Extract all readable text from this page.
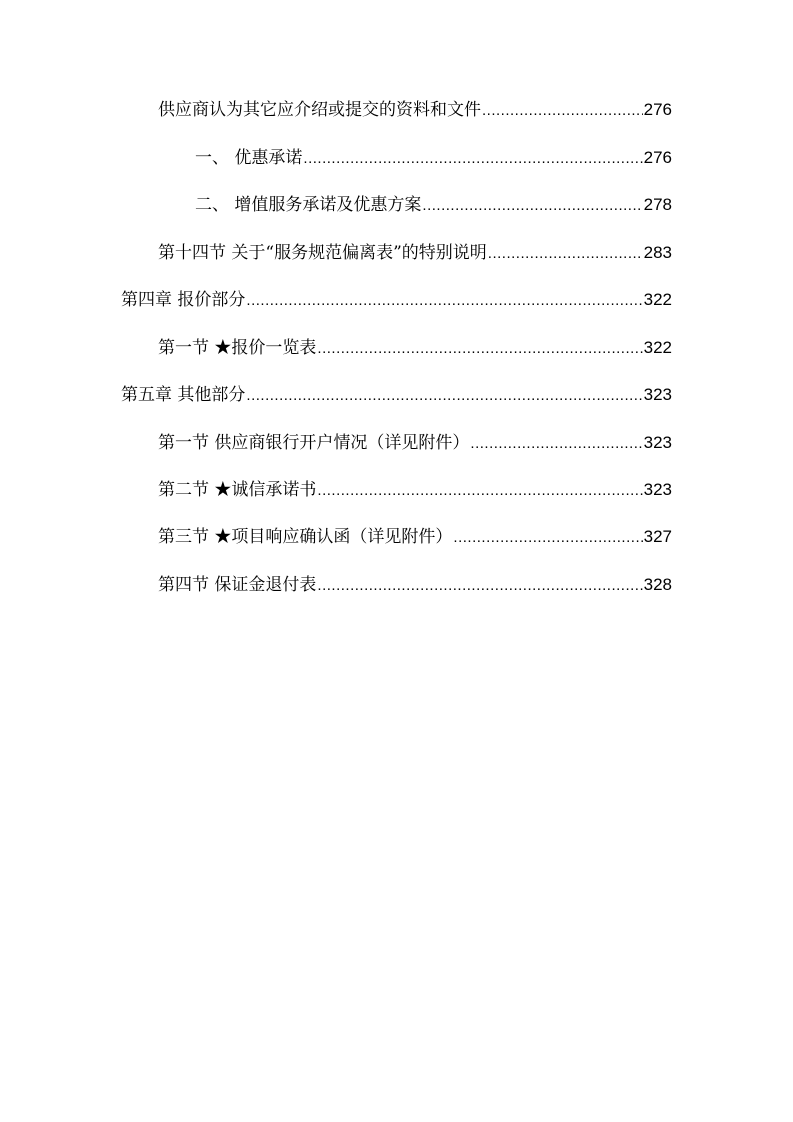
供应商认为其它应介绍或提交的资料和文件 .....	276
一、 优惠承诺 .....	276
二、 增值服务承诺及优惠方案 .....	278
第十四节 关于“服务规范偏离表”的特别说明 .....	283
第四章 报价部分 .....	322
第一节 ★报价一览表 .....	322
第五章 其他部分 .....	323
第一节 供应商银行开户情况（详见附件） .....	323
第二节 ★诚信承诺书 .....	323
第三节 ★项目响应确认函（详见附件） .....	327
第四节 保证金退付表 .....	328
